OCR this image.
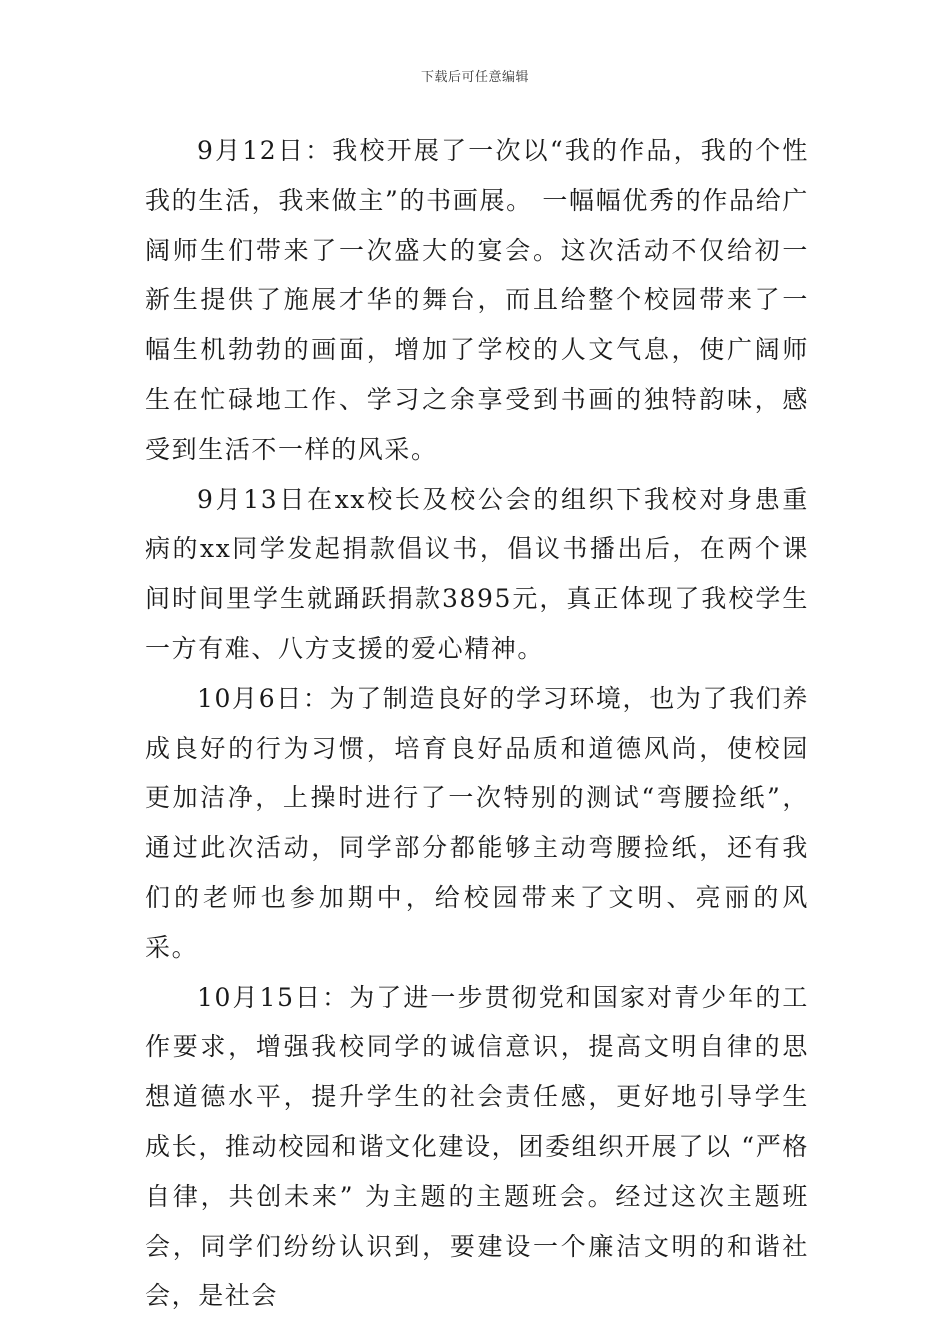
下载后可任意编辑

9月12日：我校开展了一次以“我的作品，我的个性我的生活，我来做主”的书画展。 一幅幅优秀的作品给广阔师生们带来了一次盛大的宴会。这次活动不仅给初一新生提供了施展才华的舞台，而且给整个校园带来了一幅生机勃勃的画面，增加了学校的人文气息，使广阔师生在忙碌地工作、学习之余享受到书画的独特韵味，感受到生活不一样的风采。

9月13日在xx校长及校公会的组织下我校对身患重病的xx同学发起捐款倡议书，倡议书播出后，在两个课间时间里学生就踊跃捐款3895元，真正体现了我校学生一方有难、八方支援的爱心精神。

10月6日：为了制造良好的学习环境，也为了我们养成良好的行为习惯，培育良好品质和道德风尚，使校园更加洁净，上操时进行了一次特别的测试“弯腰捡纸”，通过此次活动，同学部分都能够主动弯腰捡纸，还有我们的老师也参加期中，给校园带来了文明、亮丽的风采。

10月15日：为了进一步贯彻党和国家对青少年的工作要求，增强我校同学的诚信意识，提高文明自律的思想道德水平，提升学生的社会责任感，更好地引导学生成长，推动校园和谐文化建设，团委组织开展了以 “严格自律，共创未来” 为主题的主题班会。经过这次主题班会，同学们纷纷认识到，要建设一个廉洁文明的和谐社会，是社会
